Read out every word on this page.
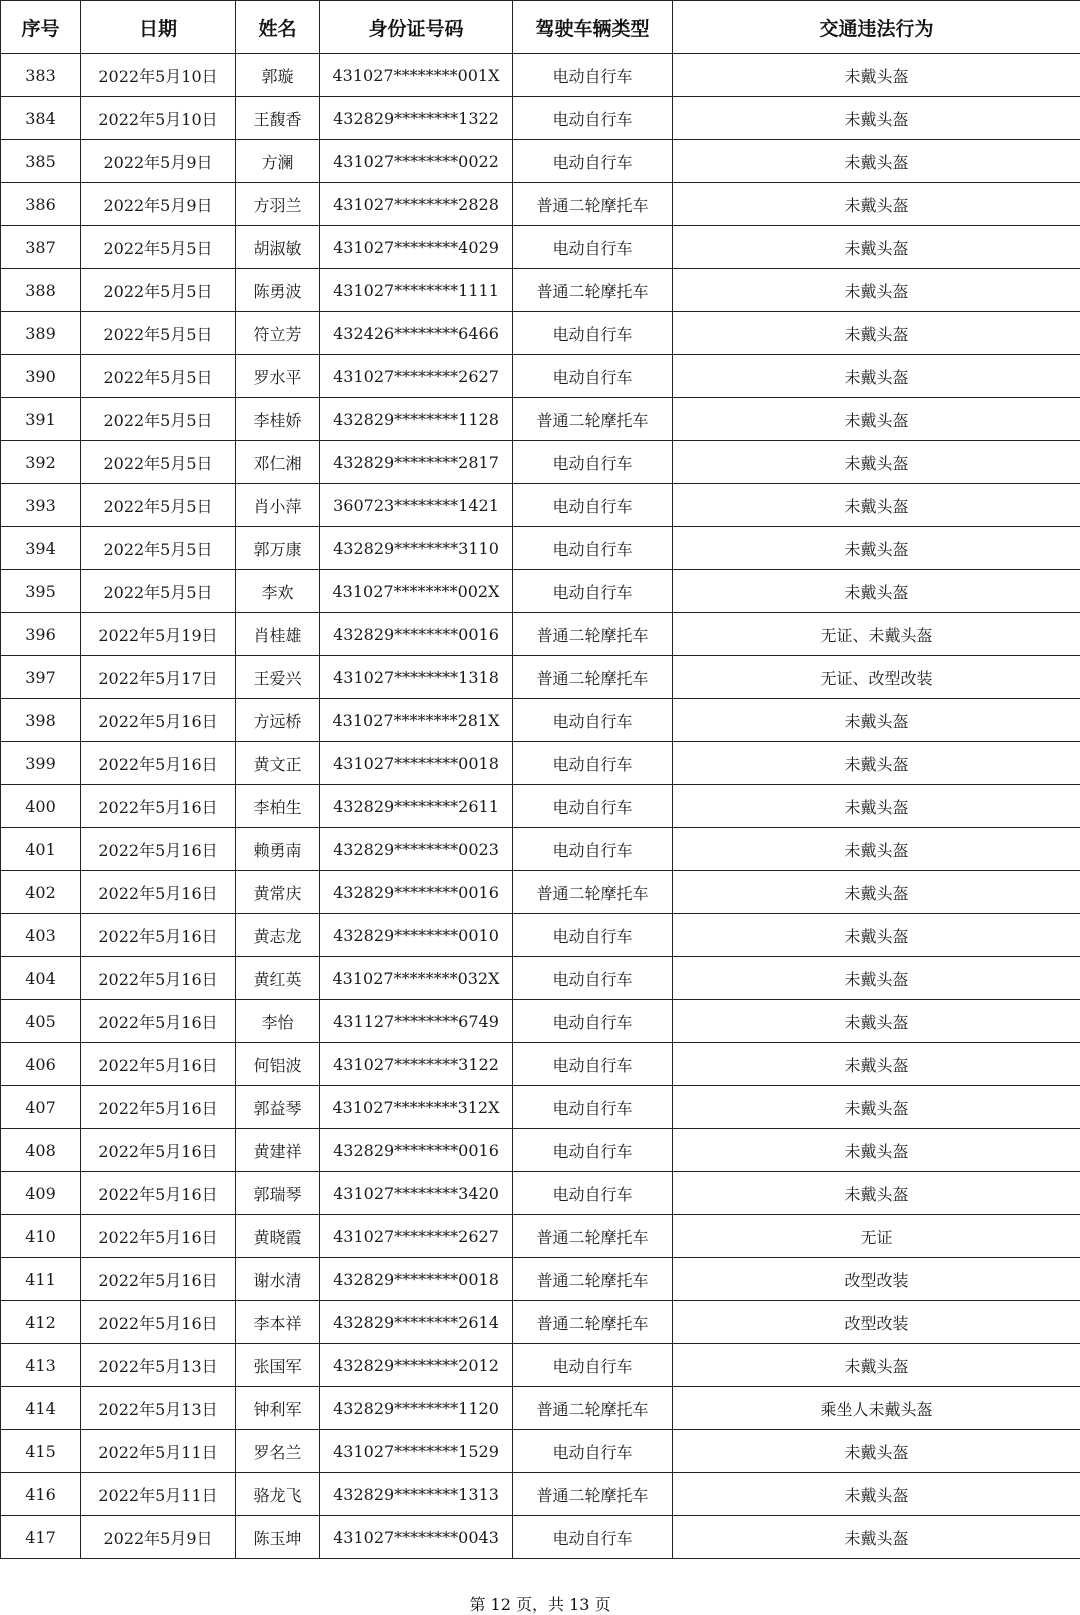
序号	日期	姓名	身份证号码	驾驶车辆类型	交通违法行为
383	2022年5月10日	郭璇	431027********001X	电动自行车	未戴头盔
384	2022年5月10日	王馥香	432829********1322	电动自行车	未戴头盔
385	2022年5月9日	方澜	431027********0022	电动自行车	未戴头盔
386	2022年5月9日	方羽兰	431027********2828	普通二轮摩托车	未戴头盔
387	2022年5月5日	胡淑敏	431027********4029	电动自行车	未戴头盔
388	2022年5月5日	陈勇波	431027********1111	普通二轮摩托车	未戴头盔
389	2022年5月5日	符立芳	432426********6466	电动自行车	未戴头盔
390	2022年5月5日	罗水平	431027********2627	电动自行车	未戴头盔
391	2022年5月5日	李桂娇	432829********1128	普通二轮摩托车	未戴头盔
392	2022年5月5日	邓仁湘	432829********2817	电动自行车	未戴头盔
393	2022年5月5日	肖小萍	360723********1421	电动自行车	未戴头盔
394	2022年5月5日	郭万康	432829********3110	电动自行车	未戴头盔
395	2022年5月5日	李欢	431027********002X	电动自行车	未戴头盔
396	2022年5月19日	肖桂雄	432829********0016	普通二轮摩托车	无证、未戴头盔
397	2022年5月17日	王爱兴	431027********1318	普通二轮摩托车	无证、改型改装
398	2022年5月16日	方远桥	431027********281X	电动自行车	未戴头盔
399	2022年5月16日	黄文正	431027********0018	电动自行车	未戴头盔
400	2022年5月16日	李柏生	432829********2611	电动自行车	未戴头盔
401	2022年5月16日	赖勇南	432829********0023	电动自行车	未戴头盔
402	2022年5月16日	黄常庆	432829********0016	普通二轮摩托车	未戴头盔
403	2022年5月16日	黄志龙	432829********0010	电动自行车	未戴头盔
404	2022年5月16日	黄红英	431027********032X	电动自行车	未戴头盔
405	2022年5月16日	李怡	431127********6749	电动自行车	未戴头盔
406	2022年5月16日	何铝波	431027********3122	电动自行车	未戴头盔
407	2022年5月16日	郭益琴	431027********312X	电动自行车	未戴头盔
408	2022年5月16日	黄建祥	432829********0016	电动自行车	未戴头盔
409	2022年5月16日	郭瑞琴	431027********3420	电动自行车	未戴头盔
410	2022年5月16日	黄晓霞	431027********2627	普通二轮摩托车	无证
411	2022年5月16日	谢水清	432829********0018	普通二轮摩托车	改型改装
412	2022年5月16日	李本祥	432829********2614	普通二轮摩托车	改型改装
413	2022年5月13日	张国军	432829********2012	电动自行车	未戴头盔
414	2022年5月13日	钟利军	432829********1120	普通二轮摩托车	乘坐人未戴头盔
415	2022年5月11日	罗名兰	431027********1529	电动自行车	未戴头盔
416	2022年5月11日	骆龙飞	432829********1313	普通二轮摩托车	未戴头盔
417	2022年5月9日	陈玉坤	431027********0043	电动自行车	未戴头盔
第 12 页，共 13 页
